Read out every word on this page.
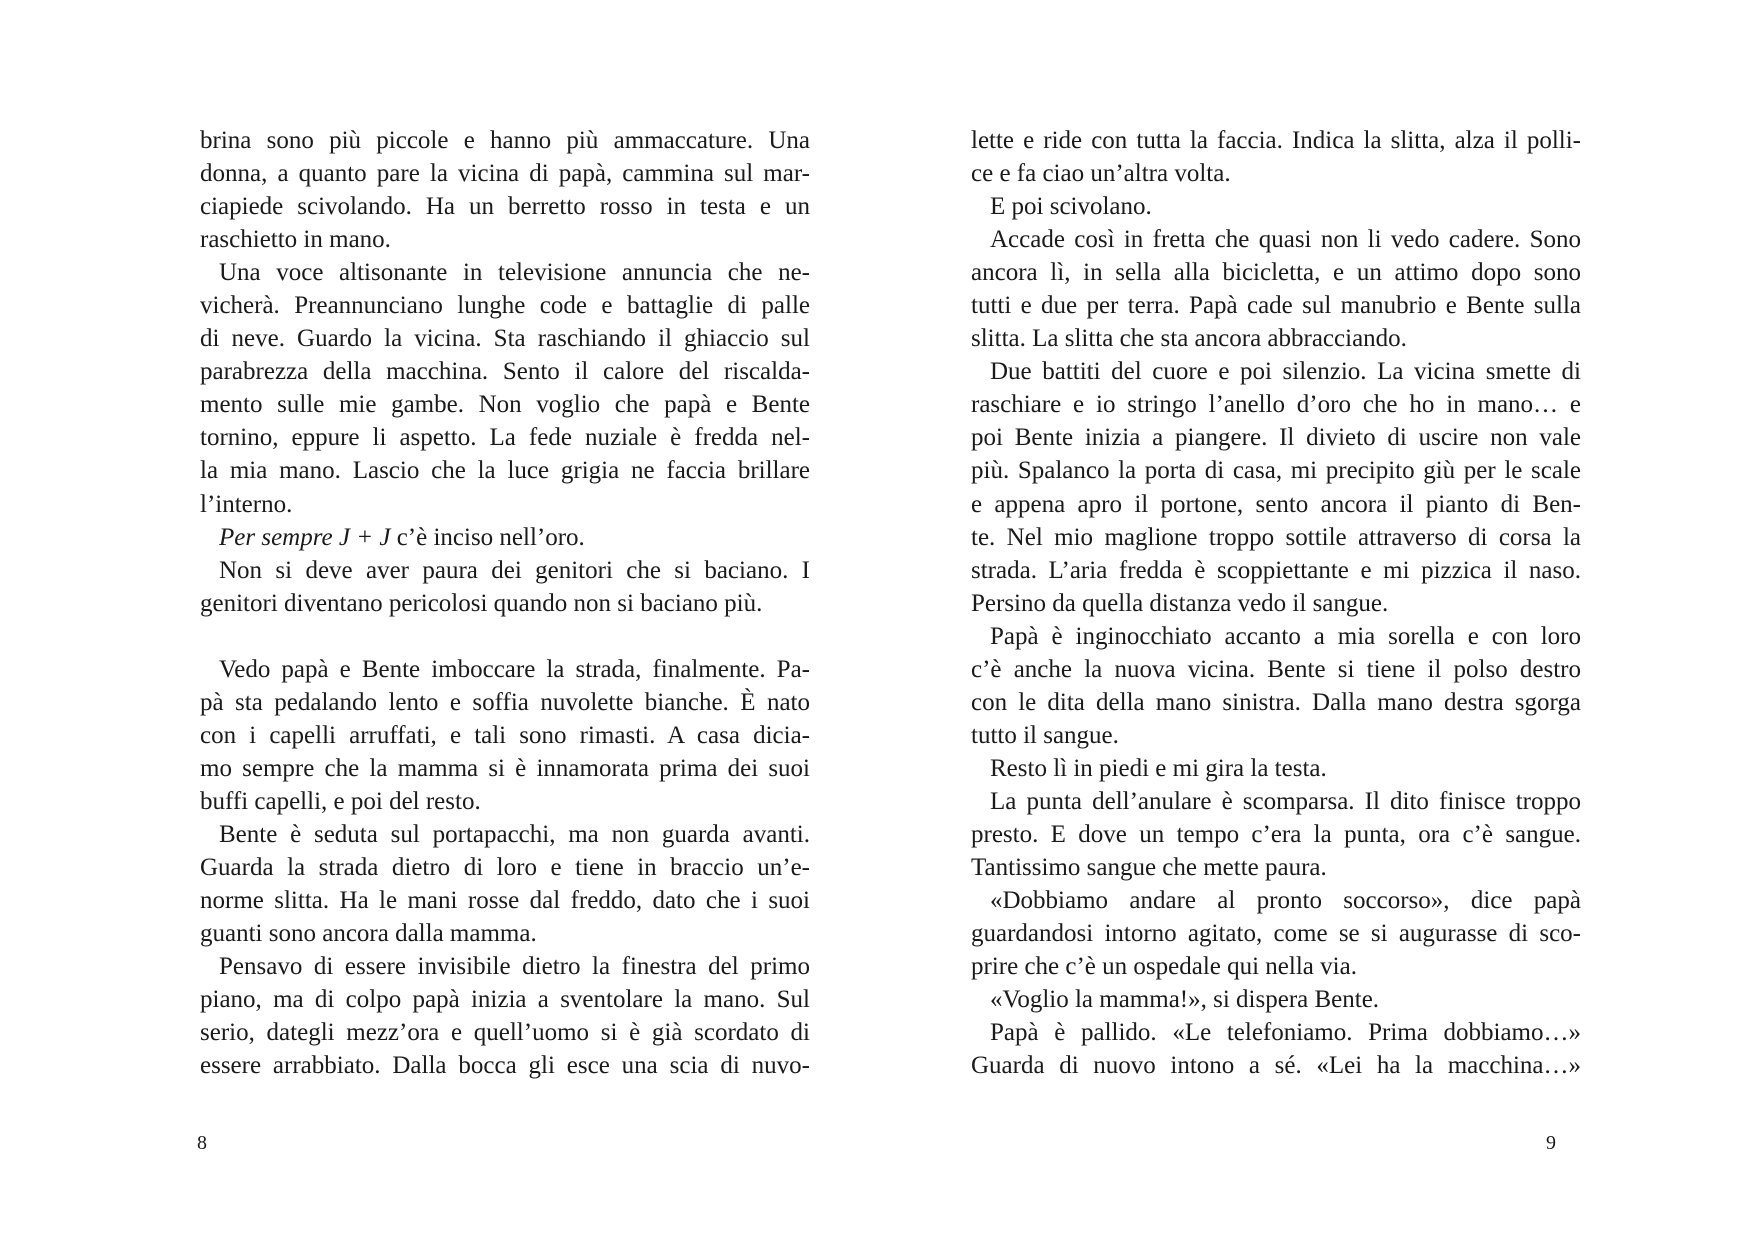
brina sono più piccole e hanno più ammaccature. Una
donna, a quanto pare la vicina di papà, cammina sul mar-
ciapiede scivolando. Ha un berretto rosso in testa e un
raschietto in mano.
Una voce altisonante in televisione annuncia che ne-
vicherà. Preannunciano lunghe code e battaglie di palle
di neve. Guardo la vicina. Sta raschiando il ghiaccio sul
parabrezza della macchina. Sento il calore del riscalda-
mento sulle mie gambe. Non voglio che papà e Bente
tornino, eppure li aspetto. La fede nuziale è fredda nel-
la mia mano. Lascio che la luce grigia ne faccia brillare
l’interno.
Per sempre J + J c’è inciso nell’oro.
Non si deve aver paura dei genitori che si baciano. I
genitori diventano pericolosi quando non si baciano più.
Vedo papà e Bente imboccare la strada, finalmente. Pa-
pà sta pedalando lento e soffia nuvolette bianche. È nato
con i capelli arruffati, e tali sono rimasti. A casa dicia-
mo sempre che la mamma si è innamorata prima dei suoi
buffi capelli, e poi del resto.
Bente è seduta sul portapacchi, ma non guarda avanti.
Guarda la strada dietro di loro e tiene in braccio un’e-
norme slitta. Ha le mani rosse dal freddo, dato che i suoi
guanti sono ancora dalla mamma.
Pensavo di essere invisibile dietro la finestra del primo
piano, ma di colpo papà inizia a sventolare la mano. Sul
serio, dategli mezz’ora e quell’uomo si è già scordato di
essere arrabbiato. Dalla bocca gli esce una scia di nuvo-
lette e ride con tutta la faccia. Indica la slitta, alza il polli-
ce e fa ciao un’altra volta.
E poi scivolano.
Accade così in fretta che quasi non li vedo cadere. Sono
ancora lì, in sella alla bicicletta, e un attimo dopo sono
tutti e due per terra. Papà cade sul manubrio e Bente sulla
slitta. La slitta che sta ancora abbracciando.
Due battiti del cuore e poi silenzio. La vicina smette di
raschiare e io stringo l’anello d’oro che ho in mano… e
poi Bente inizia a piangere. Il divieto di uscire non vale
più. Spalanco la porta di casa, mi precipito giù per le scale
e appena apro il portone, sento ancora il pianto di Ben-
te. Nel mio maglione troppo sottile attraverso di corsa la
strada. L’aria fredda è scoppiettante e mi pizzica il naso.
Persino da quella distanza vedo il sangue.
Papà è inginocchiato accanto a mia sorella e con loro
c’è anche la nuova vicina. Bente si tiene il polso destro
con le dita della mano sinistra. Dalla mano destra sgorga
tutto il sangue.
Resto lì in piedi e mi gira la testa.
La punta dell’anulare è scomparsa. Il dito finisce troppo
presto. E dove un tempo c’era la punta, ora c’è sangue.
Tantissimo sangue che mette paura.
«Dobbiamo andare al pronto soccorso», dice papà
guardandosi intorno agitato, come se si augurasse di sco-
prire che c’è un ospedale qui nella via.
«Voglio la mamma!», si dispera Bente.
Papà è pallido. «Le telefoniamo. Prima dobbiamo…»
Guarda di nuovo intono a sé. «Lei ha la macchina…»
8	9
